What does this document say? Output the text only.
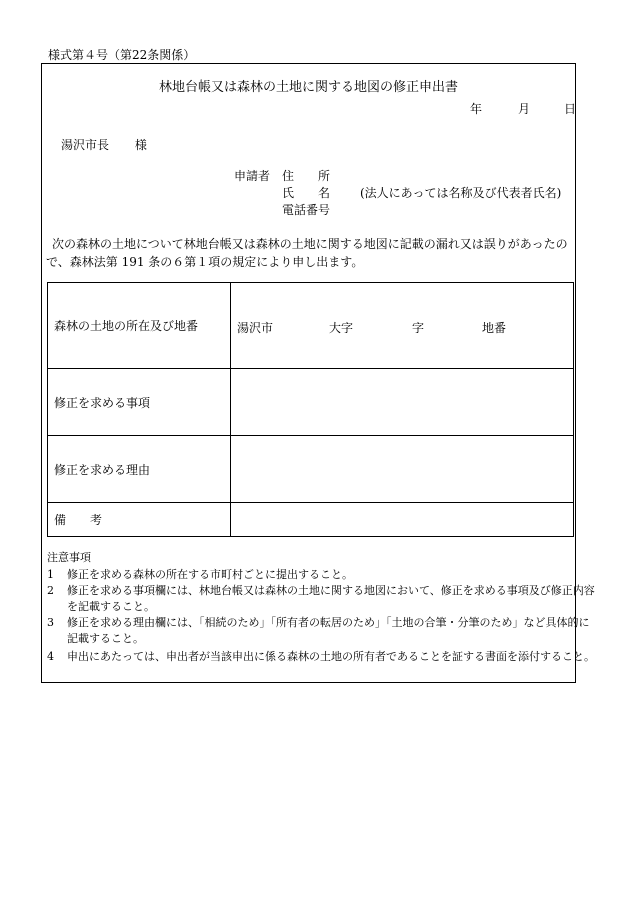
様式第４号（第22条関係）
林地台帳又は森林の土地に関する地図の修正申出書
年	月	日
湯沢市長 様
申請者 住　　所
氏　　名 (法人にあっては名称及び代表者氏名)
電話番号
次の森林の土地について林地台帳又は森林の土地に関する地図に記載の漏れ又は誤りがあったの
で、森林法第 191 条の６第１項の規定により申し出ます。
森林の土地の所在及び地番	湯沢市 大字 字 地番

修正を求める事項	
修正を求める理由	
備　　考	
注意事項
1 修正を求める森林の所在する市町村ごとに提出すること。
2 修正を求める事項欄には、林地台帳又は森林の土地に関する地図において、修正を求める事項及び修正内容
を記載すること。
3 修正を求める理由欄には、「相続のため」「所有者の転居のため」「土地の合筆・分筆のため」など具体的に
記載すること。
4 申出にあたっては、申出者が当該申出に係る森林の土地の所有者であることを証する書面を添付すること。
